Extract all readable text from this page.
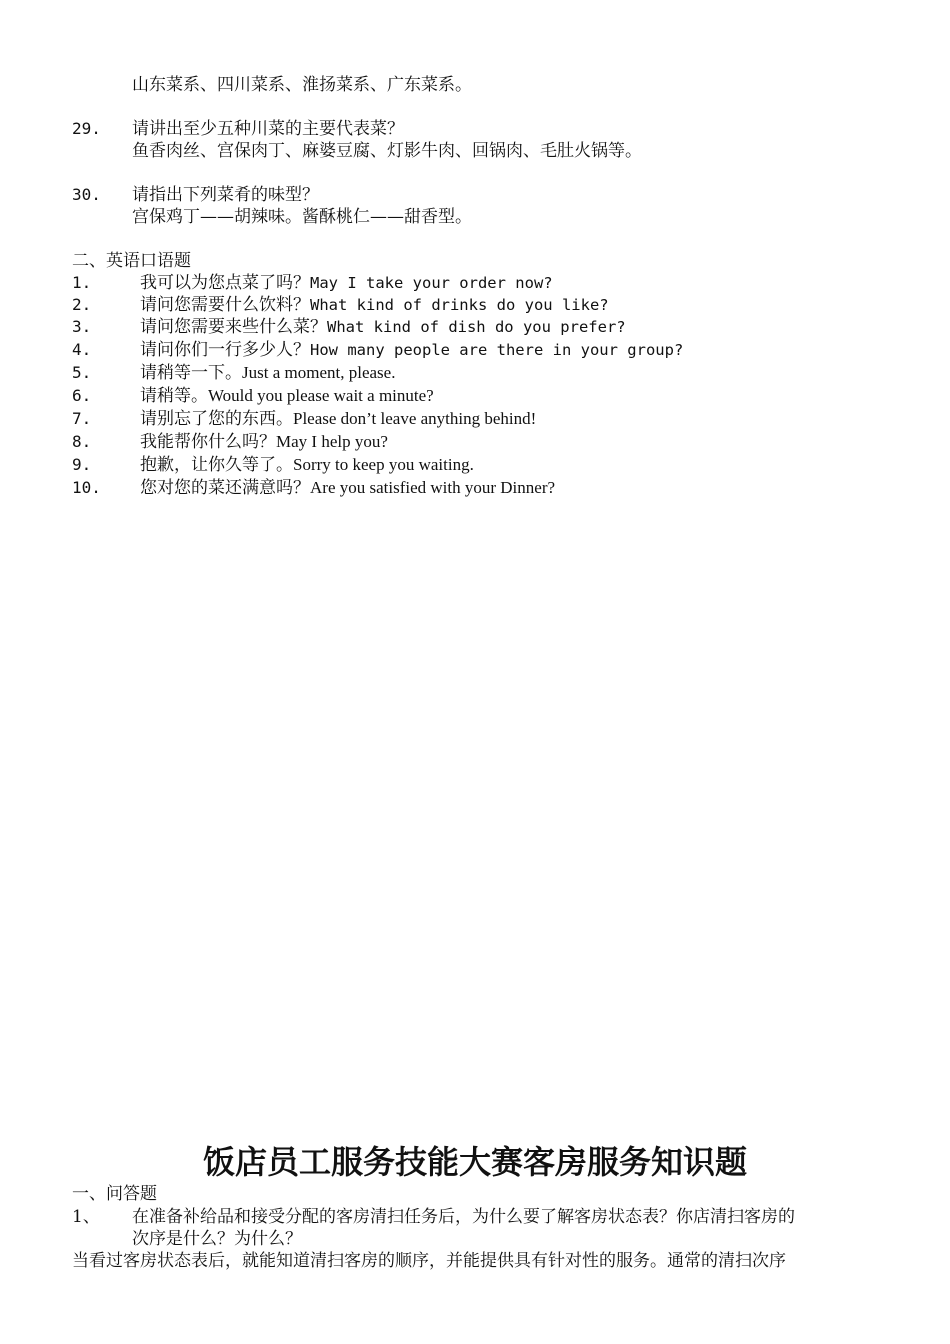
山东菜系、四川菜系、淮扬菜系、广东菜系。
29. 请讲出至少五种川菜的主要代表菜？
鱼香肉丝、宫保肉丁、麻婆豆腐、灯影牛肉、回锅肉、毛肚火锅等。
30. 请指出下列菜肴的味型？
宫保鸡丁——胡辣味。酱酥桃仁——甜香型。
二、英语口语题
1.	我可以为您点菜了吗？May I take your order now?
2.	请问您需要什么饮料？What kind of drinks do you like?
3.	请问您需要来些什么菜？What kind of dish do you prefer?
4.	请问你们一行多少人？How many people are there in your group?
5.	请稍等一下。Just a moment, please.
6.	请稍等。Would you please wait a minute?
7.	请别忘了您的东西。Please don’t leave anything behind!
8.	我能帮你什么吗？May I help you?
9.	抱歉，让你久等了。Sorry to keep you waiting.
10. 您对您的菜还满意吗？Are you satisfied with your Dinner?
饭店员工服务技能大赛客房服务知识题
一、问答题
1、 在准备补给品和接受分配的客房清扫任务后，为什么要了解客房状态表？你店清扫客房的
次序是什么？为什么？
当看过客房状态表后，就能知道清扫客房的顺序，并能提供具有针对性的服务。通常的清扫次序
